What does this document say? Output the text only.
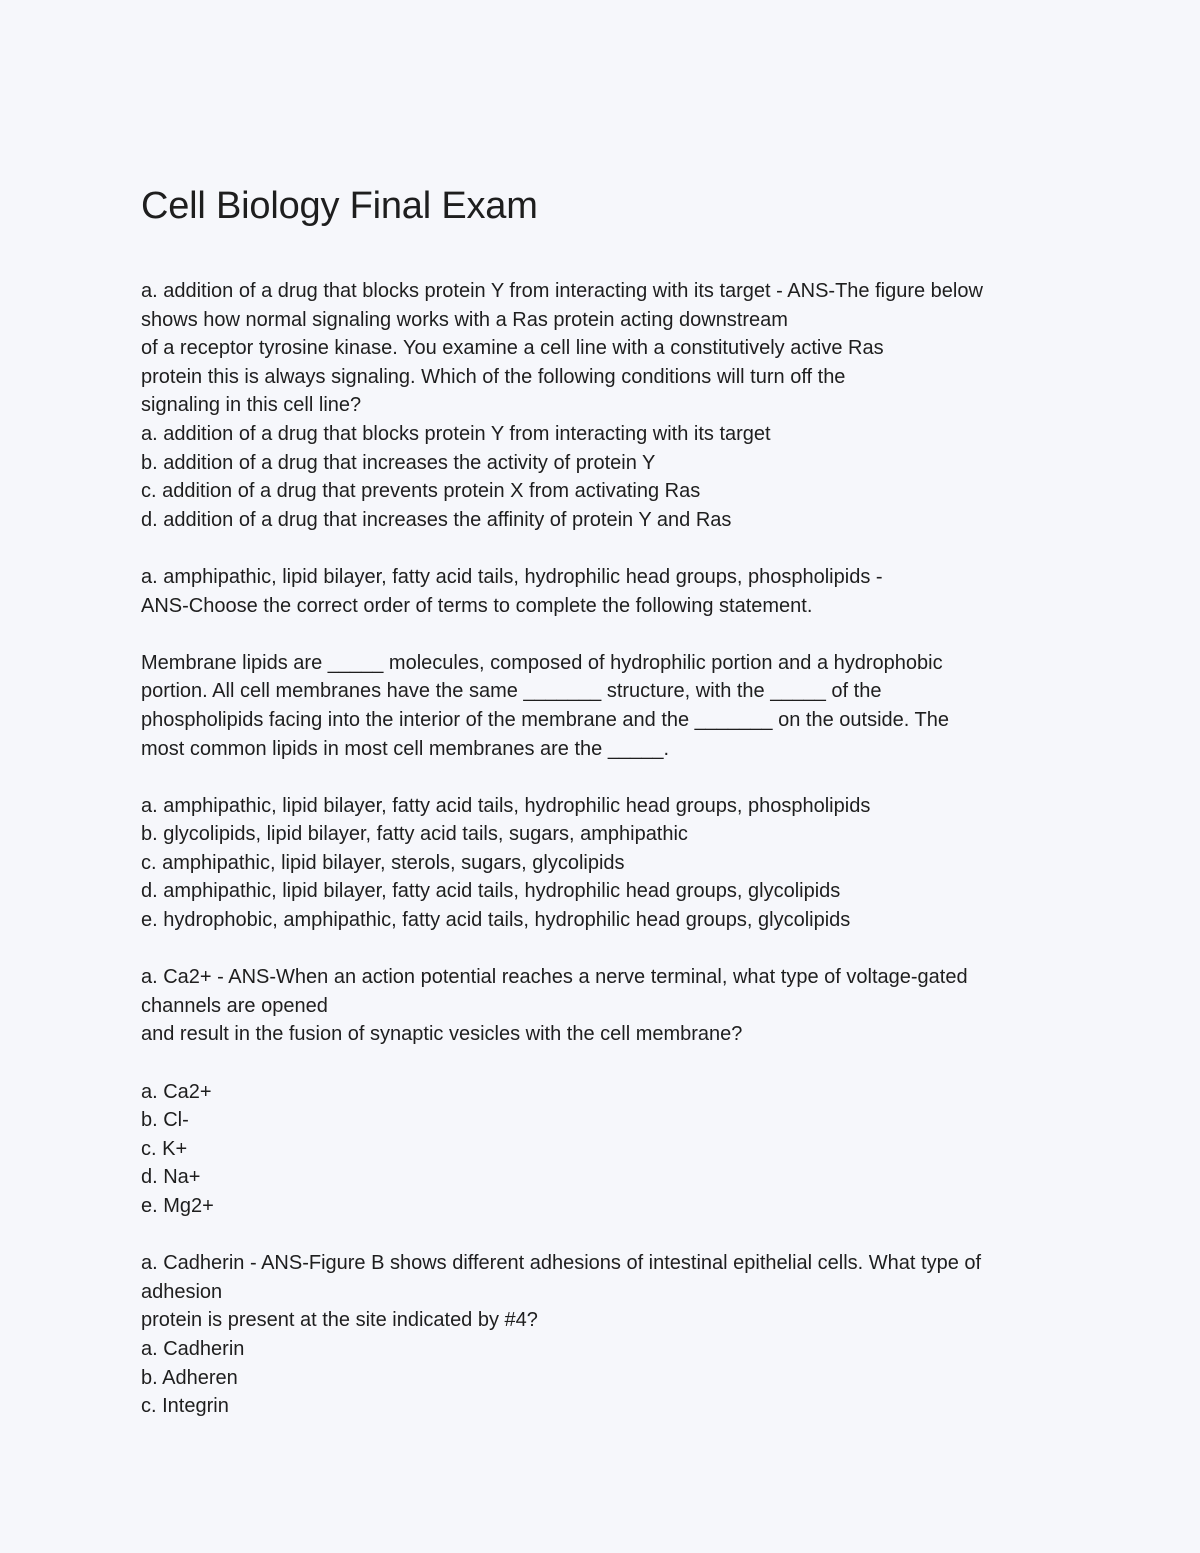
Cell Biology Final Exam

a. addition of a drug that blocks protein Y from interacting with its target - ANS-The figure below

shows how normal signaling works with a Ras protein acting downstream

of a receptor tyrosine kinase. You examine a cell line with a constitutively active Ras

protein this is always signaling. Which of the following conditions will turn off the

signaling in this cell line?

a. addition of a drug that blocks protein Y from interacting with its target

b. addition of a drug that increases the activity of protein Y

c. addition of a drug that prevents protein X from activating Ras

d. addition of a drug that increases the affinity of protein Y and Ras

a. amphipathic, lipid bilayer, fatty acid tails, hydrophilic head groups, phospholipids -

ANS-Choose the correct order of terms to complete the following statement.

Membrane lipids are _____ molecules, composed of hydrophilic portion and a hydrophobic

portion. All cell membranes have the same _______ structure, with the _____ of the

phospholipids facing into the interior of the membrane and the _______ on the outside. The

most common lipids in most cell membranes are the _____.

a. amphipathic, lipid bilayer, fatty acid tails, hydrophilic head groups, phospholipids

b. glycolipids, lipid bilayer, fatty acid tails, sugars, amphipathic

c. amphipathic, lipid bilayer, sterols, sugars, glycolipids

d. amphipathic, lipid bilayer, fatty acid tails, hydrophilic head groups, glycolipids

e. hydrophobic, amphipathic, fatty acid tails, hydrophilic head groups, glycolipids

a. Ca2+ - ANS-When an action potential reaches a nerve terminal, what type of voltage-gated

channels are opened

and result in the fusion of synaptic vesicles with the cell membrane?

a. Ca2+

b. Cl-

c. K+

d. Na+

e. Mg2+

a. Cadherin - ANS-Figure B shows different adhesions of intestinal epithelial cells. What type of

adhesion

protein is present at the site indicated by #4?

a. Cadherin

b. Adheren

c. Integrin
